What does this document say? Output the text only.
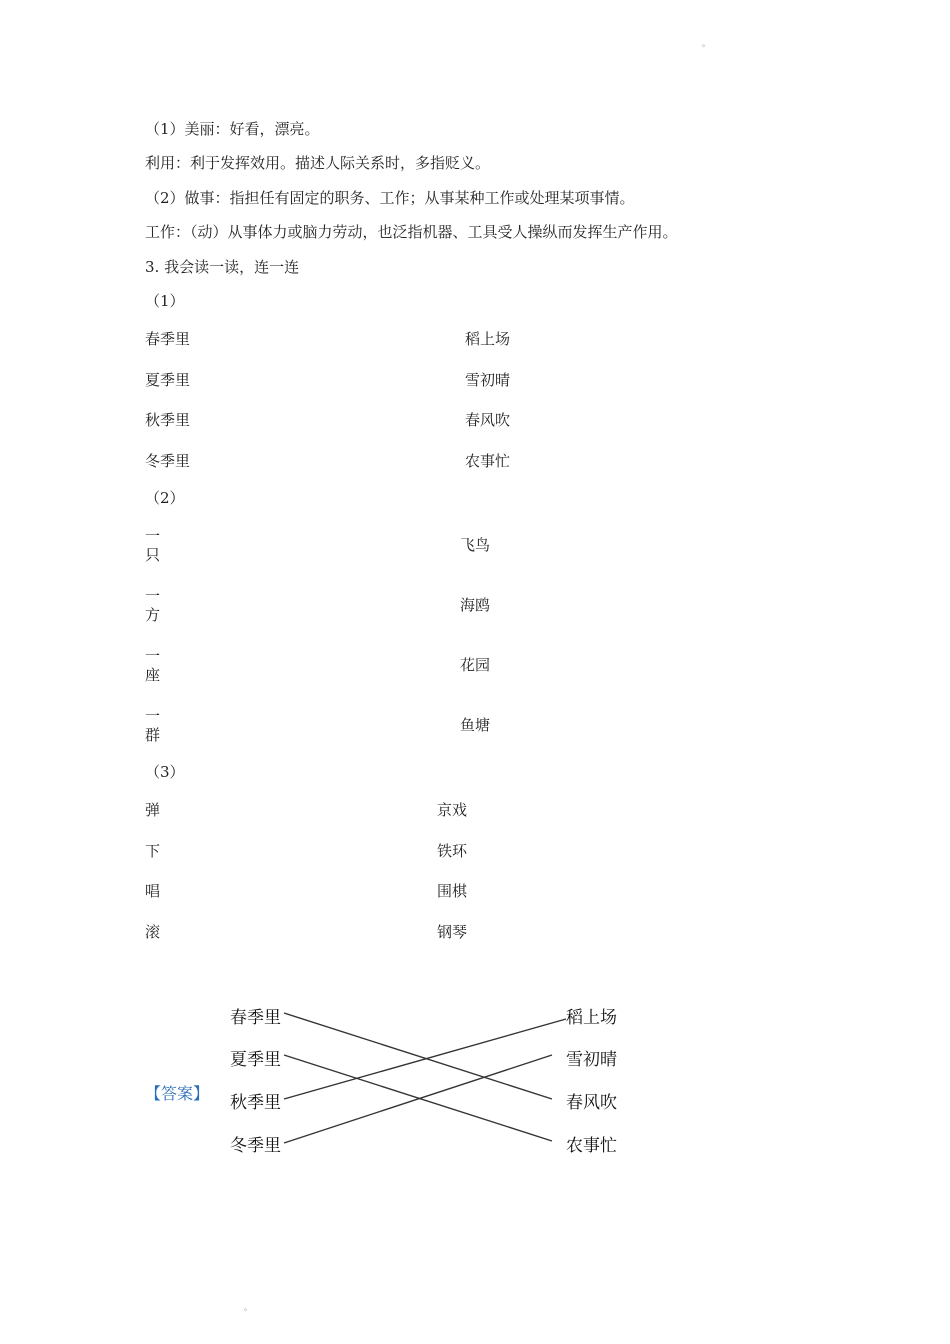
。
。
（1）美丽：好看，漂亮。
利用：利于发挥效用。描述人际关系时，多指贬义。
（2）做事：指担任有固定的职务、工作；从事某种工作或处理某项事情。
工作：（动）从事体力或脑力劳动，也泛指机器、工具受人操纵而发挥生产作用。
3. 我会读一读，连一连
（1）
春季里
夏季里
秋季里
冬季里
稻上场
雪初晴
春风吹
农事忙
（2）
一
只
一
方
一
座
一
群
飞鸟
海鸥
花园
鱼塘
（3）
弹
下
唱
滚
京戏
铁环
围棋
钢琴
【答案】
春季里
夏季里
秋季里
冬季里
稻上场
雪初晴
春风吹
农事忙
